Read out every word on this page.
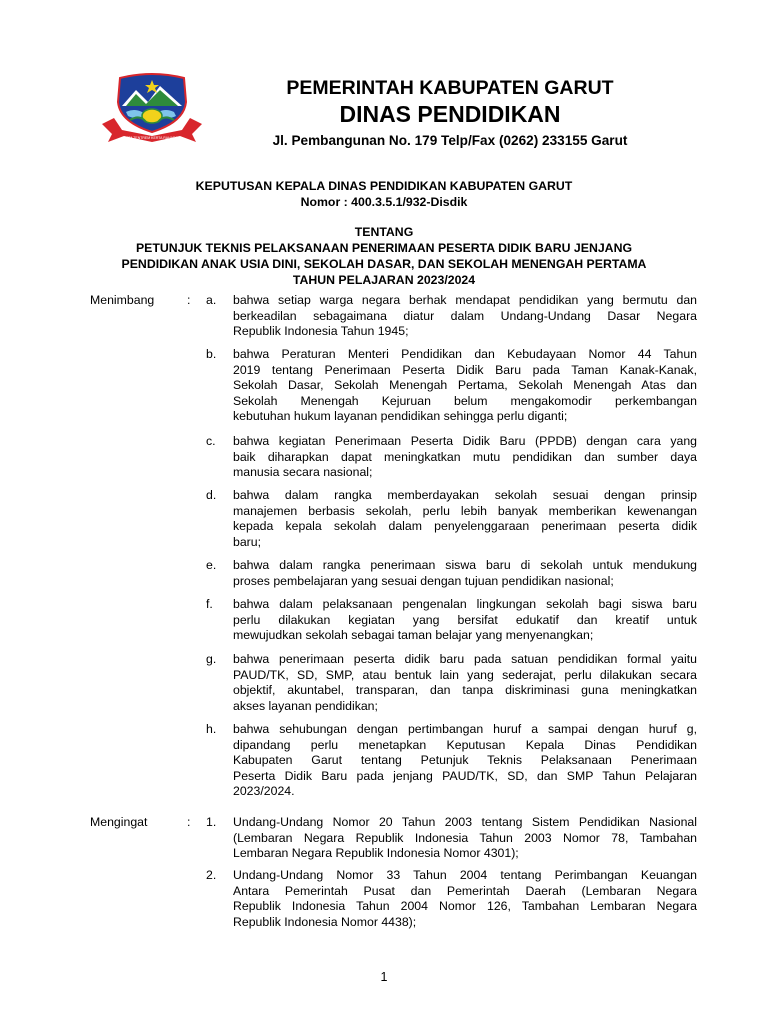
TATA TENTREM KERTA RAHARJA
PEMERINTAH KABUPATEN GARUT
DINAS PENDIDIKAN
Jl. Pembangunan No. 179 Telp/Fax (0262) 233155 Garut
KEPUTUSAN KEPALA DINAS PENDIDIKAN KABUPATEN GARUT
Nomor : 400.3.5.1/932-Disdik
TENTANG
PETUNJUK TEKNIS PELAKSANAAN PENERIMAAN PESERTA DIDIK BARU JENJANG
PENDIDIKAN ANAK USIA DINI, SEKOLAH DASAR, DAN SEKOLAH MENENGAH PERTAMA
TAHUN PELAJARAN 2023/2024
Menimbang	: a. bahwa setiap warga negara berhak mendapat pendidikan yang bermutu dan
berkeadilan sebagaimana diatur dalam Undang-Undang Dasar Negara
Republik Indonesia Tahun 1945;
b. bahwa Peraturan Menteri Pendidikan dan Kebudayaan Nomor 44 Tahun
2019 tentang Penerimaan Peserta Didik Baru pada Taman Kanak-Kanak,
Sekolah Dasar, Sekolah Menengah Pertama, Sekolah Menengah Atas dan
Sekolah Menengah Kejuruan belum mengakomodir perkembangan
kebutuhan hukum layanan pendidikan sehingga perlu diganti;
c. bahwa kegiatan Penerimaan Peserta Didik Baru (PPDB) dengan cara yang
baik diharapkan dapat meningkatkan mutu pendidikan dan sumber daya
manusia secara nasional;
d. bahwa dalam rangka memberdayakan sekolah sesuai dengan prinsip
manajemen berbasis sekolah, perlu lebih banyak memberikan kewenangan
kepada kepala sekolah dalam penyelenggaraan penerimaan peserta didik
baru;
e. bahwa dalam rangka penerimaan siswa baru di sekolah untuk mendukung
proses pembelajaran yang sesuai dengan tujuan pendidikan nasional;
f. bahwa dalam pelaksanaan pengenalan lingkungan sekolah bagi siswa baru
perlu dilakukan kegiatan yang bersifat edukatif dan kreatif untuk
mewujudkan sekolah sebagai taman belajar yang menyenangkan;
g. bahwa penerimaan peserta didik baru pada satuan pendidikan formal yaitu
PAUD/TK, SD, SMP, atau bentuk lain yang sederajat, perlu dilakukan secara
objektif, akuntabel, transparan, dan tanpa diskriminasi guna meningkatkan
akses layanan pendidikan;
h. bahwa sehubungan dengan pertimbangan huruf a sampai dengan huruf g,
dipandang perlu menetapkan Keputusan Kepala Dinas Pendidikan
Kabupaten Garut tentang Petunjuk Teknis Pelaksanaan Penerimaan
Peserta Didik Baru pada jenjang PAUD/TK, SD, dan SMP Tahun Pelajaran
2023/2024.
Mengingat	: 1. Undang-Undang Nomor 20 Tahun 2003 tentang Sistem Pendidikan Nasional
(Lembaran Negara Republik Indonesia Tahun 2003 Nomor 78, Tambahan
Lembaran Negara Republik Indonesia Nomor 4301);
2. Undang-Undang Nomor 33 Tahun 2004 tentang Perimbangan Keuangan
Antara Pemerintah Pusat dan Pemerintah Daerah (Lembaran Negara
Republik Indonesia Tahun 2004 Nomor 126, Tambahan Lembaran Negara
Republik Indonesia Nomor 4438);
1
